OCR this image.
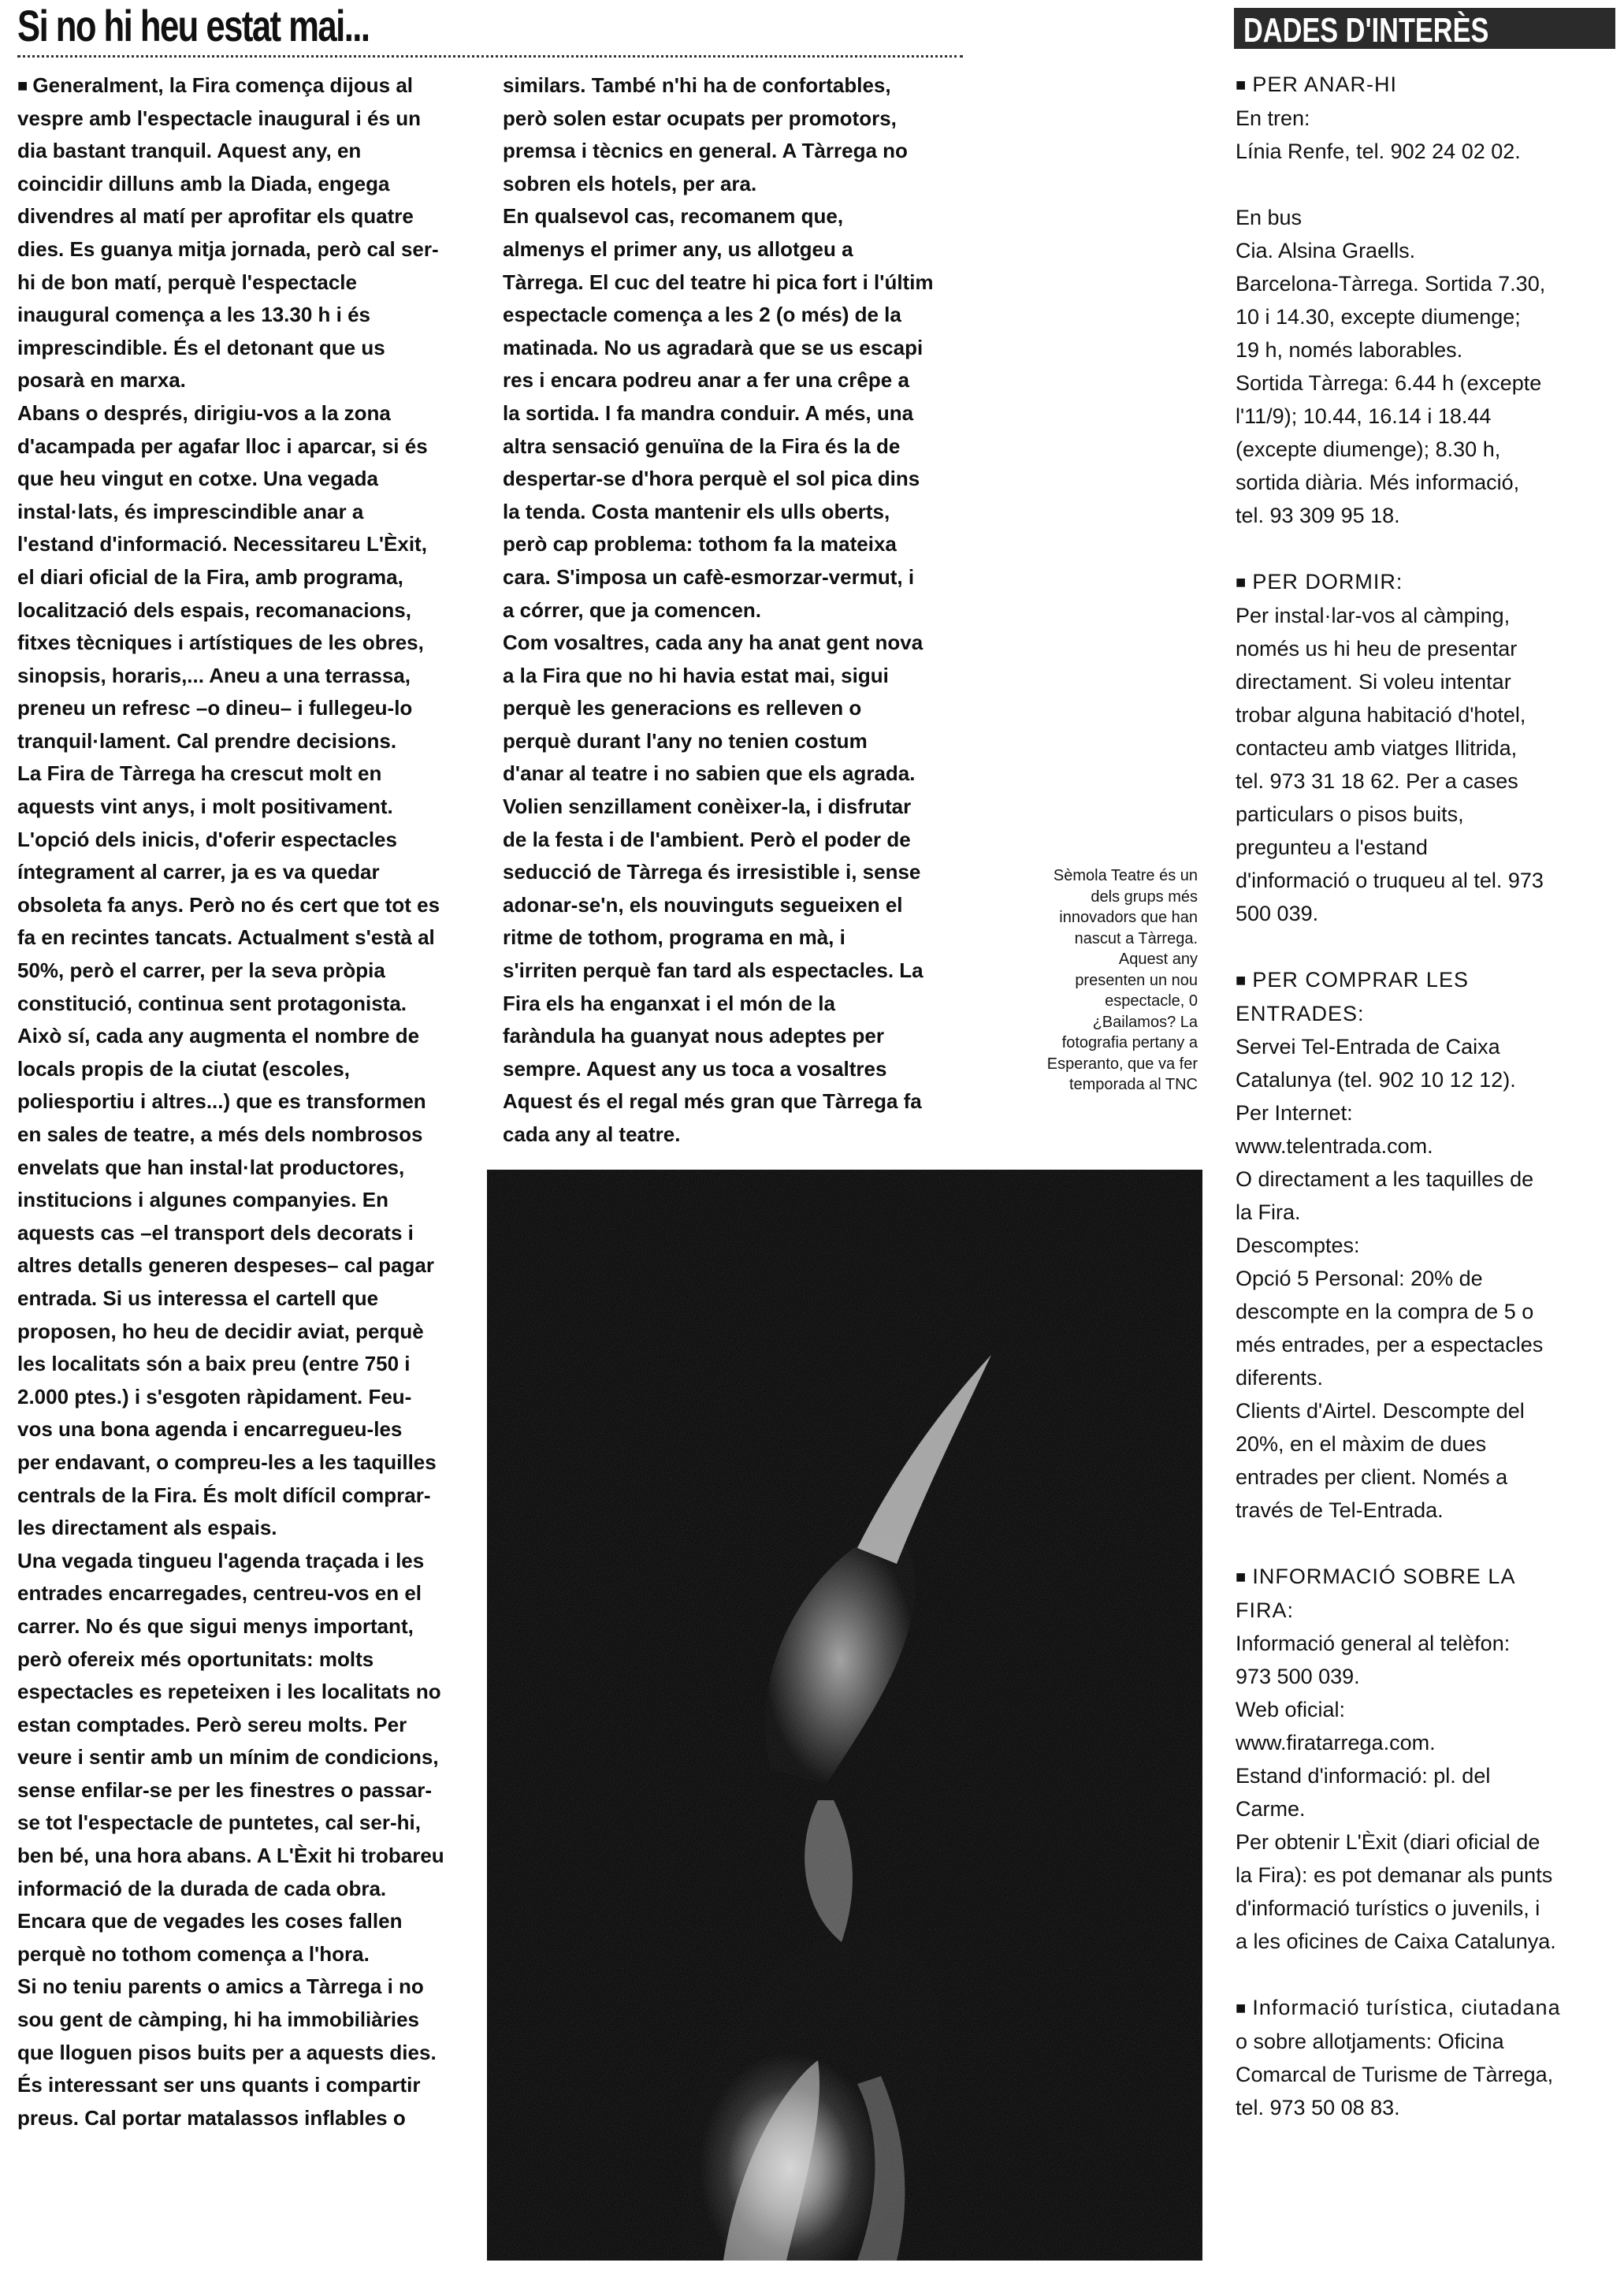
Si no hi heu estat mai...

■ Generalment, la Fira comença dijous al

vespre amb l'espectacle inaugural i és un

dia bastant tranquil. Aquest any, en

coincidir dilluns amb la Diada, engega

divendres al matí per aprofitar els quatre

dies. Es guanya mitja jornada, però cal ser-

hi de bon matí, perquè l'espectacle

inaugural comença a les 13.30 h i és

imprescindible. És el detonant que us

posarà en marxa.

Abans o després, dirigiu-vos a la zona

d'acampada per agafar lloc i aparcar, si és

que heu vingut en cotxe. Una vegada

instal·lats, és imprescindible anar a

l'estand d'informació. Necessitareu L'Èxit,

el diari oficial de la Fira, amb programa,

localització dels espais, recomanacions,

fitxes tècniques i artístiques de les obres,

sinopsis, horaris,... Aneu a una terrassa,

preneu un refresc –o dineu– i fullegeu-lo

tranquil·lament. Cal prendre decisions.

La Fira de Tàrrega ha crescut molt en

aquests vint anys, i molt positivament.

L'opció dels inicis, d'oferir espectacles

íntegrament al carrer, ja es va quedar

obsoleta fa anys. Però no és cert que tot es

fa en recintes tancats. Actualment s'està al

50%, però el carrer, per la seva pròpia

constitució, continua sent protagonista.

Això sí, cada any augmenta el nombre de

locals propis de la ciutat (escoles,

poliesportiu i altres...) que es transformen

en sales de teatre, a més dels nombrosos

envelats que han instal·lat productores,

institucions i algunes companyies. En

aquests cas –el transport dels decorats i

altres detalls generen despeses– cal pagar

entrada. Si us interessa el cartell que

proposen, ho heu de decidir aviat, perquè

les localitats són a baix preu (entre 750 i

2.000 ptes.) i s'esgoten ràpidament. Feu-

vos una bona agenda i encarregueu-les

per endavant, o compreu-les a les taquilles

centrals de la Fira. És molt difícil comprar-

les directament als espais.

Una vegada tingueu l'agenda traçada i les

entrades encarregades, centreu-vos en el

carrer. No és que sigui menys important,

però ofereix més oportunitats: molts

espectacles es repeteixen i les localitats no

estan comptades. Però sereu molts. Per

veure i sentir amb un mínim de condicions,

sense enfilar-se per les finestres o passar-

se tot l'espectacle de puntetes, cal ser-hi,

ben bé, una hora abans. A L'Èxit hi trobareu

informació de la durada de cada obra.

Encara que de vegades les coses fallen

perquè no tothom comença a l'hora.

Si no teniu parents o amics a Tàrrega i no

sou gent de càmping, hi ha immobiliàries

que lloguen pisos buits per a aquests dies.

És interessant ser uns quants i compartir

preus. Cal portar matalassos inflables o

similars. També n'hi ha de confortables,

però solen estar ocupats per promotors,

premsa i tècnics en general. A Tàrrega no

sobren els hotels, per ara.

En qualsevol cas, recomanem que,

almenys el primer any, us allotgeu a

Tàrrega. El cuc del teatre hi pica fort i l'últim

espectacle comença a les 2 (o més) de la

matinada. No us agradarà que se us escapi

res i encara podreu anar a fer una crêpe a

la sortida. I fa mandra conduir. A més, una

altra sensació genuïna de la Fira és la de

despertar-se d'hora perquè el sol pica dins

la tenda. Costa mantenir els ulls oberts,

però cap problema: tothom fa la mateixa

cara. S'imposa un cafè-esmorzar-vermut, i

a córrer, que ja comencen.

Com vosaltres, cada any ha anat gent nova

a la Fira que no hi havia estat mai, sigui

perquè les generacions es relleven o

perquè durant l'any no tenien costum

d'anar al teatre i no sabien que els agrada.

Volien senzillament conèixer-la, i disfrutar

de la festa i de l'ambient. Però el poder de

seducció de Tàrrega és irresistible i, sense

adonar-se'n, els nouvinguts segueixen el

ritme de tothom, programa en mà, i

s'irriten perquè fan tard als espectacles. La

Fira els ha enganxat i el món de la

faràndula ha guanyat nous adeptes per

sempre. Aquest any us toca a vosaltres

Aquest és el regal més gran que Tàrrega fa

cada any al teatre.

Sèmola Teatre és un

dels grups més

innovadors que han

nascut a Tàrrega.

Aquest any

presenten un nou

espectacle, 0

¿Bailamos? La

fotografia pertany a

Esperanto, que va fer

temporada al TNC

DADES D'INTERÈS

■ PER ANAR-HI

En tren:

Línia Renfe, tel. 902 24 02 02.

En bus

Cia. Alsina Graells.

Barcelona-Tàrrega. Sortida 7.30,

10 i 14.30, excepte diumenge;

19 h, només laborables.

Sortida Tàrrega: 6.44 h (excepte

l'11/9); 10.44, 16.14 i 18.44

(excepte diumenge); 8.30 h,

sortida diària. Més informació,

tel. 93 309 95 18.

■ PER DORMIR:

Per instal·lar-vos al càmping,

només us hi heu de presentar

directament. Si voleu intentar

trobar alguna habitació d'hotel,

contacteu amb viatges Ilitrida,

tel. 973 31 18 62. Per a cases

particulars o pisos buits,

pregunteu a l'estand

d'informació o truqueu al tel. 973

500 039.

■ PER COMPRAR LES

ENTRADES:

Servei Tel-Entrada de Caixa

Catalunya (tel. 902 10 12 12).

Per Internet:

www.telentrada.com.

O directament a les taquilles de

la Fira.

Descomptes:

Opció 5 Personal: 20% de

descompte en la compra de 5 o

més entrades, per a espectacles

diferents.

Clients d'Airtel. Descompte del

20%, en el màxim de dues

entrades per client. Només a

través de Tel-Entrada.

■ INFORMACIÓ SOBRE LA

FIRA:

Informació general al telèfon:

973 500 039.

Web oficial:

www.firatarrega.com.

Estand d'informació: pl. del

Carme.

Per obtenir L'Èxit (diari oficial de

la Fira): es pot demanar als punts

d'informació turístics o juvenils, i

a les oficines de Caixa Catalunya.

■ Informació turística, ciutadana

o sobre allotjaments: Oficina

Comarcal de Turisme de Tàrrega,

tel. 973 50 08 83.
